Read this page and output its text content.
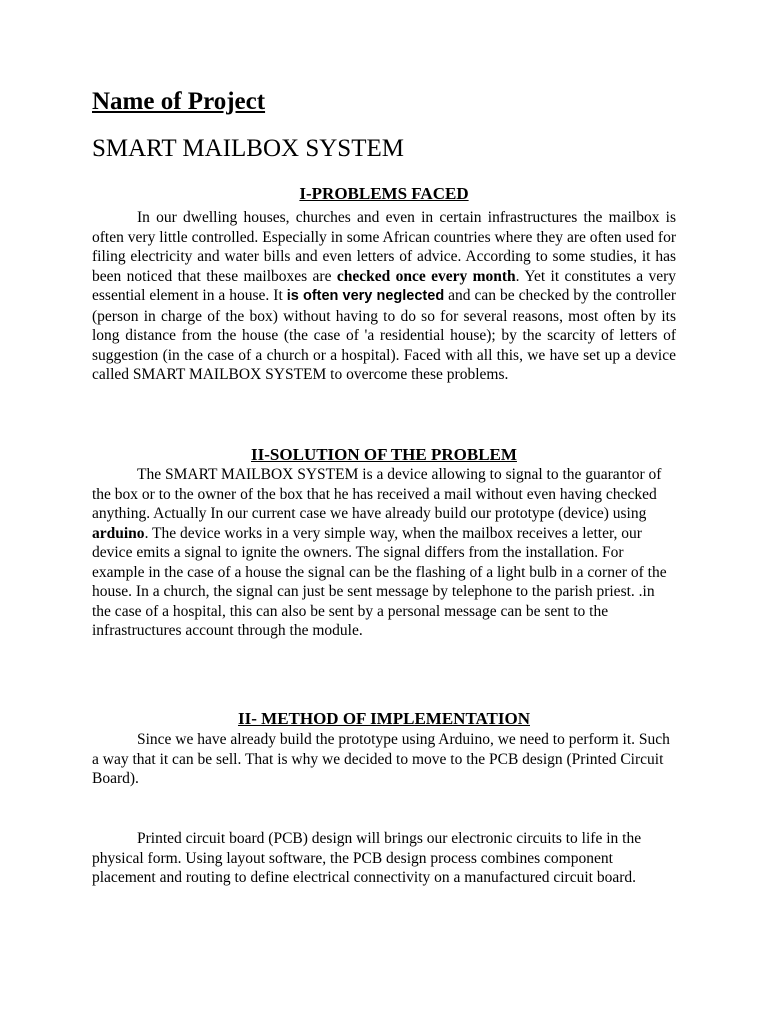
Name of Project
SMART MAILBOX SYSTEM
I-PROBLEMS FACED

In our dwelling houses, churches and even in certain infrastructures the mailbox is often very little controlled. Especially in some African countries where they are often used for filing electricity and water bills and even letters of advice. According to some studies, it has been noticed that these mailboxes are checked once every month. Yet it constitutes a very essential element in a house. It is often very neglected and can be checked by the controller (person in charge of the box) without having to do so for several reasons, most often by its long distance from the house (the case of 'a residential house); by the scarcity of letters of suggestion (in the case of a church or a hospital). Faced with all this, we have set up a device called SMART MAILBOX SYSTEM to overcome these problems.

II-SOLUTION OF THE PROBLEM

The SMART MAILBOX SYSTEM is a device allowing to signal to the guarantor of the box or to the owner of the box that he has received a mail without even having checked anything. Actually In our current case we have already build our prototype (device) using arduino. The device works in a very simple way, when the mailbox receives a letter, our device emits a signal to ignite the owners. The signal differs from the installation. For example in the case of a house the signal can be the flashing of a light bulb in a corner of the house. In a church, the signal can just be sent message by telephone to the parish priest. .in the case of a hospital, this can also be sent by a personal message can be sent to the infrastructures account through the module.

II- METHOD OF IMPLEMENTATION

Since we have already build the prototype using Arduino, we need to perform it. Such a way that it can be sell. That is why we decided to move to the PCB design (Printed Circuit Board).

Printed circuit board (PCB) design will brings our electronic circuits to life in the physical form. Using layout software, the PCB design process combines component placement and routing to define electrical connectivity on a manufactured circuit board.
